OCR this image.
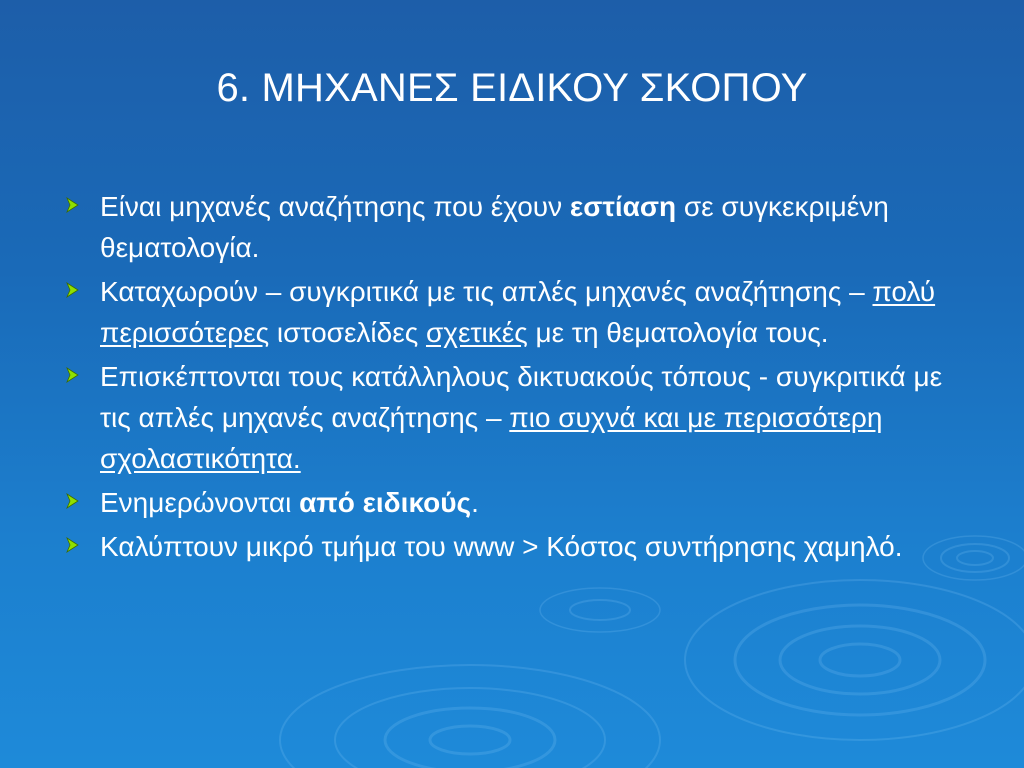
6. ΜΗΧΑΝΕΣ ΕΙΔΙΚΟΥ ΣΚΟΠΟΥ
Είναι μηχανές αναζήτησης που έχουν εστίαση σε συγκεκριμένη θεματολογία.
Καταχωρούν – συγκριτικά με τις απλές μηχανές αναζήτησης – πολύ περισσότερες ιστοσελίδες σχετικές με τη θεματολογία τους.
Επισκέπτονται τους κατάλληλους δικτυακούς τόπους - συγκριτικά με τις απλές μηχανές αναζήτησης – πιο συχνά και με περισσότερη σχολαστικότητα.
Ενημερώνονται από ειδικούς.
Καλύπτουν μικρό τμήμα του www > Κόστος συντήρησης χαμηλό.
